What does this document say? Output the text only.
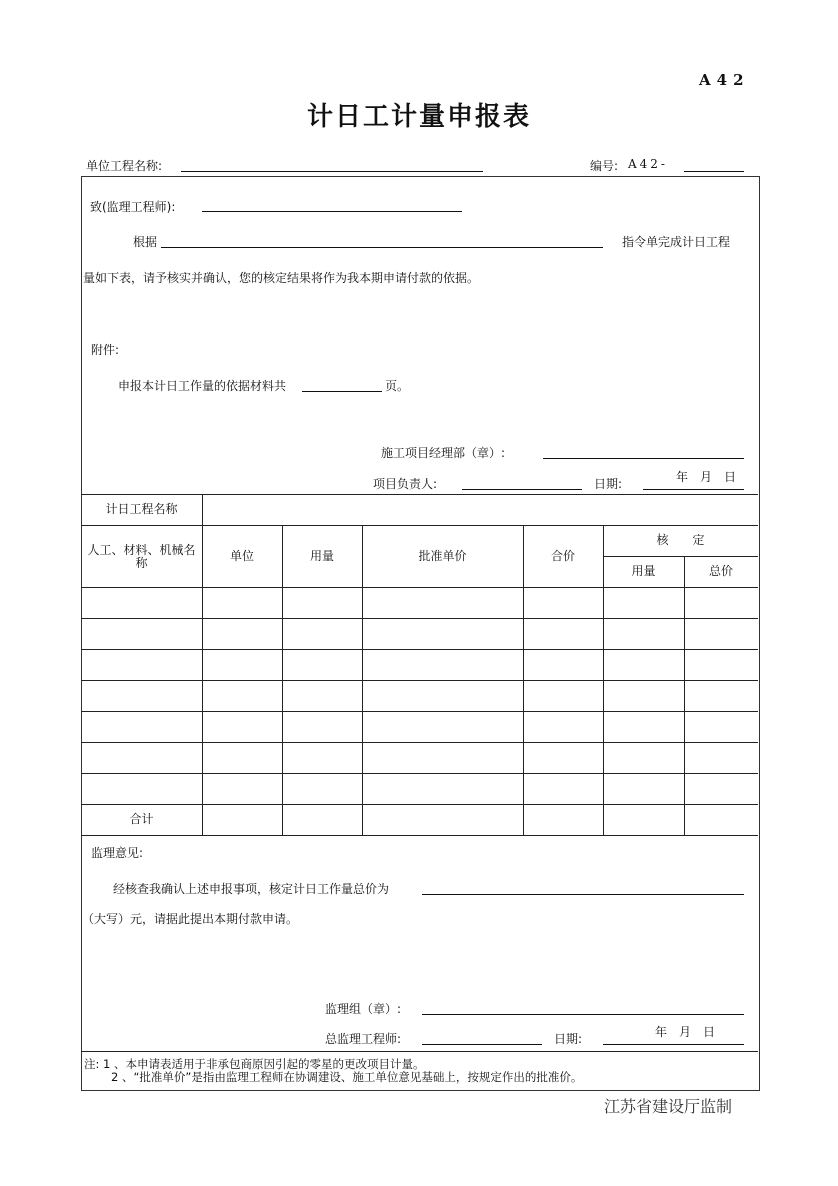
A42
计日工计量申报表
单位工程名称:	编号: A42-
致(监理工程师):
根据	指令单完成计日工程
量如下表，请予核实并确认，您的核定结果将作为我本期申请付款的依据。
附件:
申报本计日工作量的依据材料共	页。
施工项目经理部（章）:
项目负责人:	日期:	年　月　日
计日工程名称
人工、材料、机械名称	单位	用量	批准单价	合价
核　　定
用量	总价
合计
监理意见:
经核查我确认上述申报事项，核定计日工作量总价为
（大写）元，请据此提出本期付款申请。
监理组（章）:
总监理工程师:	日期:	年　月　日
注: 1 、本申请表适用于非承包商原因引起的零星的更改项目计量。
2 、“批准单价”是指由监理工程师在协调建设、施工单位意见基础上，按规定作出的批准价。
江苏省建设厅监制
